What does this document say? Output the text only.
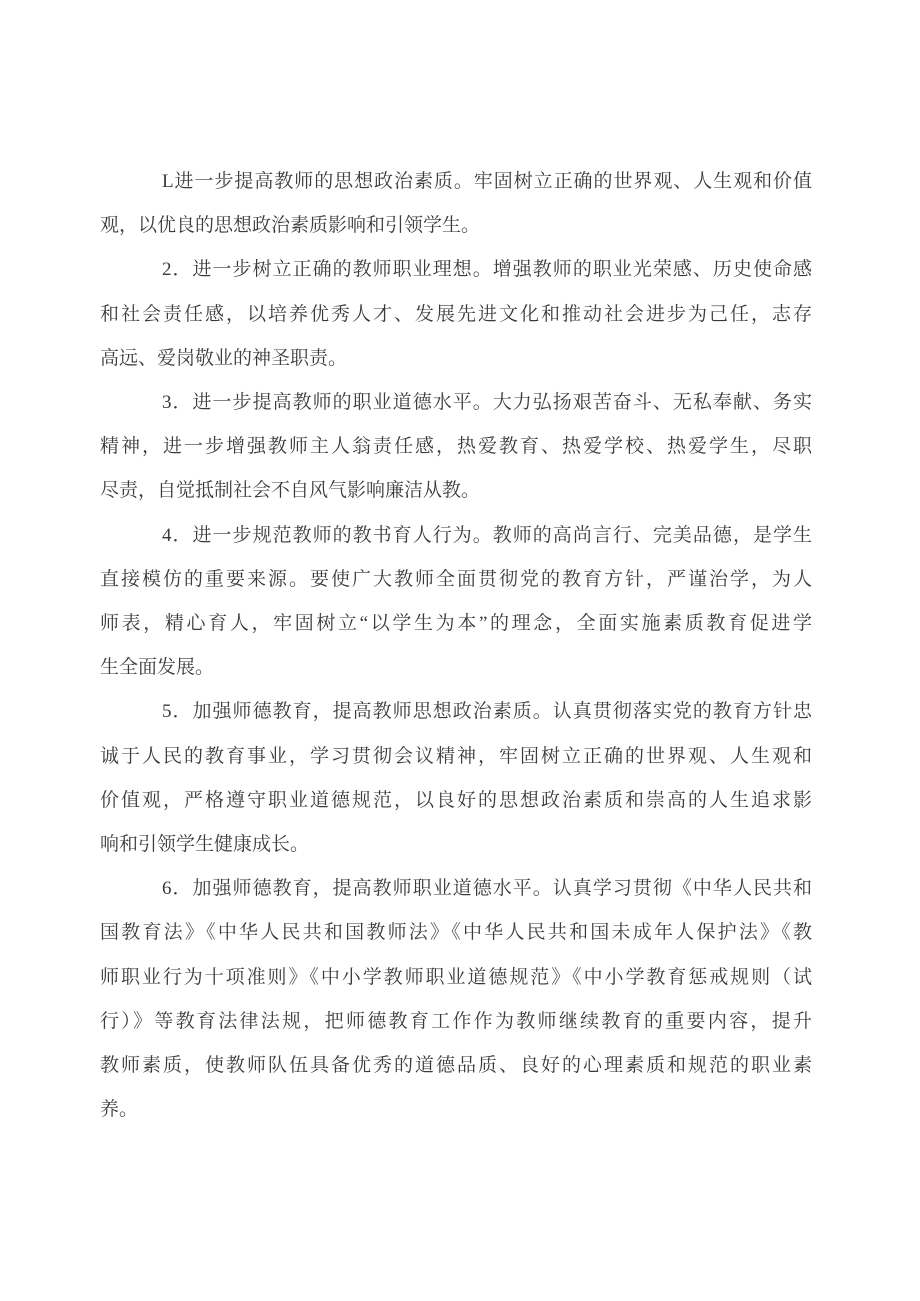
L进一步提高教师的思想政治素质。牢固树立正确的世界观、人生观和价值
观，以优良的思想政治素质影响和引领学生。
2．进一步树立正确的教师职业理想。增强教师的职业光荣感、历史使命感
和社会责任感，以培养优秀人才、发展先进文化和推动社会进步为己任，志存
高远、爱岗敬业的神圣职责。
3．进一步提高教师的职业道德水平。大力弘扬艰苦奋斗、无私奉献、务实
精神，进一步增强教师主人翁责任感，热爱教育、热爱学校、热爱学生，尽职
尽责，自觉抵制社会不自风气影响廉洁从教。
4．进一步规范教师的教书育人行为。教师的高尚言行、完美品德，是学生
直接模仿的重要来源。要使广大教师全面贯彻党的教育方针，严谨治学，为人
师表，精心育人，牢固树立“以学生为本”的理念，全面实施素质教育促进学
生全面发展。
5．加强师德教育，提高教师思想政治素质。认真贯彻落实党的教育方针忠
诚于人民的教育事业，学习贯彻会议精神，牢固树立正确的世界观、人生观和
价值观，严格遵守职业道德规范，以良好的思想政治素质和崇高的人生追求影
响和引领学生健康成长。
6．加强师德教育，提高教师职业道德水平。认真学习贯彻《中华人民共和
国教育法》《中华人民共和国教师法》《中华人民共和国未成年人保护法》《教
师职业行为十项准则》《中小学教师职业道德规范》《中小学教育惩戒规则（试
行）》等教育法律法规，把师德教育工作作为教师继续教育的重要内容，提升
教师素质，使教师队伍具备优秀的道德品质、良好的心理素质和规范的职业素
养。
